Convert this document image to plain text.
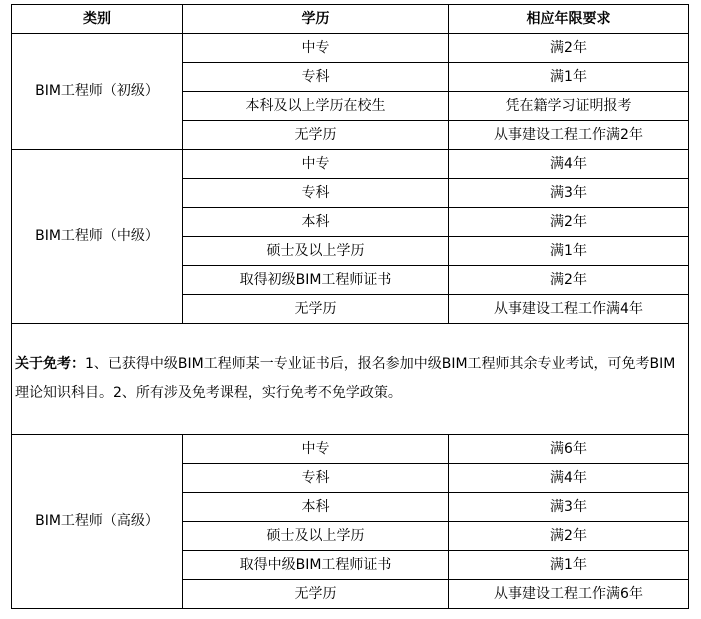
类别	学历	相应年限要求
BIM工程师（初级）	中专	满2年
	专科	满1年
	本科及以上学历在校生	凭在籍学习证明报考
	无学历	从事建设工程工作满2年
BIM工程师（中级）	中专	满4年
	专科	满3年
	本科	满2年
	硕士及以上学历	满1年
	取得初级BIM工程师证书	满2年
	无学历	从事建设工程工作满4年
关于免考：1、已获得中级BIM工程师某一专业证书后，报名参加中级BIM工程师其余专业考试，可免考BIM理论知识科目。2、所有涉及免考课程，实行免考不免学政策。		
BIM工程师（高级）	中专	满6年
	专科	满4年
	本科	满3年
	硕士及以上学历	满2年
	取得中级BIM工程师证书	满1年
	无学历	从事建设工程工作满6年
